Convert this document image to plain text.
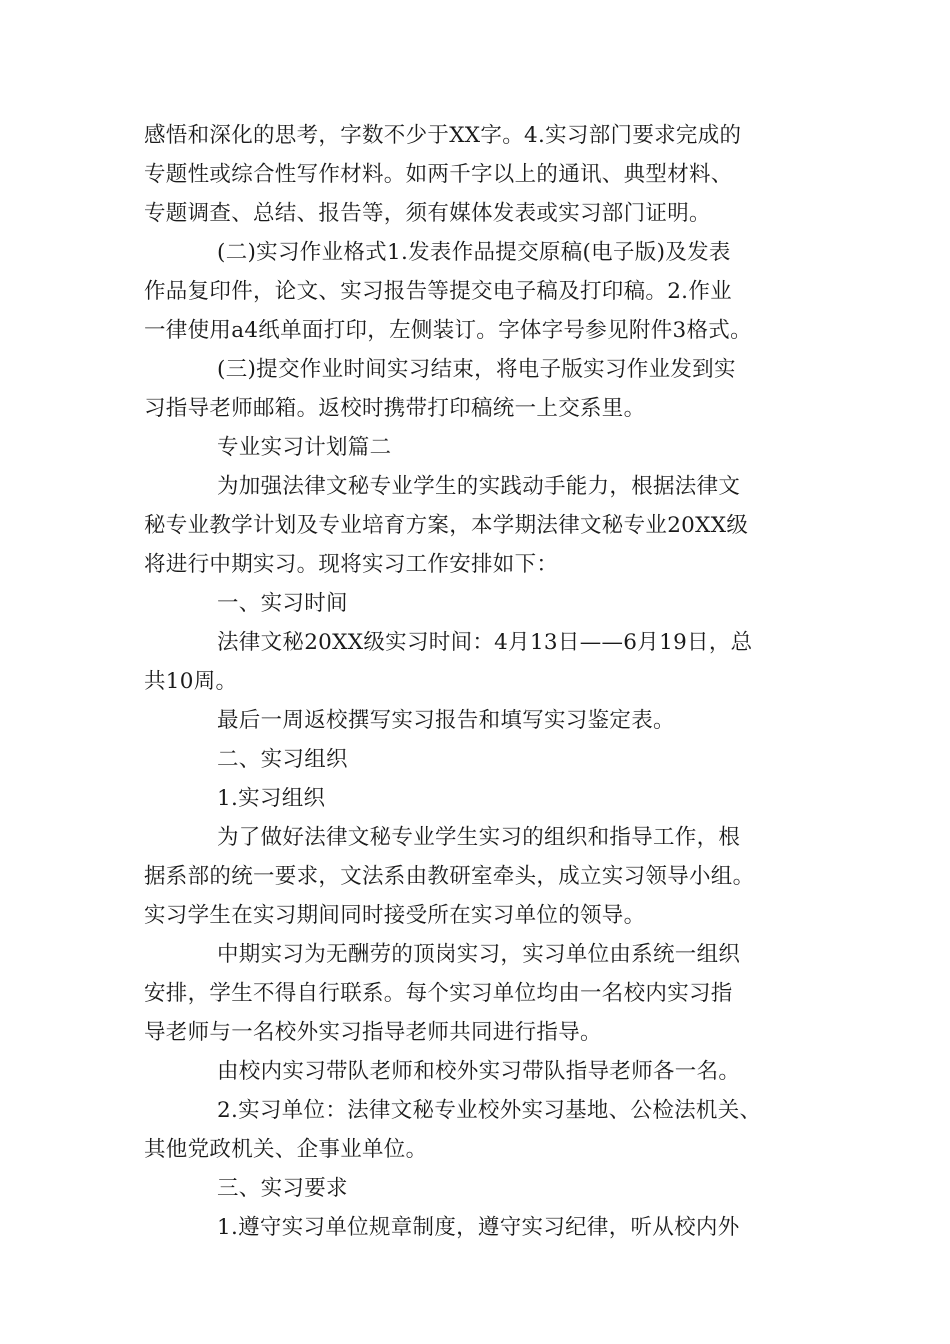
感悟和深化的思考，字数不少于XX字。4.实习部门要求完成的
专题性或综合性写作材料。如两千字以上的通讯、典型材料、
专题调查、总结、报告等，须有媒体发表或实习部门证明。
(二)实习作业格式1.发表作品提交原稿(电子版)及发表
作品复印件，论文、实习报告等提交电子稿及打印稿。2.作业
一律使用a4纸单面打印，左侧装订。字体字号参见附件3格式。
(三)提交作业时间实习结束，将电子版实习作业发到实
习指导老师邮箱。返校时携带打印稿统一上交系里。
专业实习计划篇二
为加强法律文秘专业学生的实践动手能力，根据法律文
秘专业教学计划及专业培育方案，本学期法律文秘专业20XX级
将进行中期实习。现将实习工作安排如下：
一、实习时间
法律文秘20XX级实习时间：4月13日——6月19日，总
共10周。
最后一周返校撰写实习报告和填写实习鉴定表。
二、实习组织
1.实习组织
为了做好法律文秘专业学生实习的组织和指导工作，根
据系部的统一要求，文法系由教研室牵头，成立实习领导小组。
实习学生在实习期间同时接受所在实习单位的领导。
中期实习为无酬劳的顶岗实习，实习单位由系统一组织
安排，学生不得自行联系。每个实习单位均由一名校内实习指
导老师与一名校外实习指导老师共同进行指导。
由校内实习带队老师和校外实习带队指导老师各一名。
2.实习单位：法律文秘专业校外实习基地、公检法机关、
其他党政机关、企事业单位。
三、实习要求
1.遵守实习单位规章制度，遵守实习纪律，听从校内外
